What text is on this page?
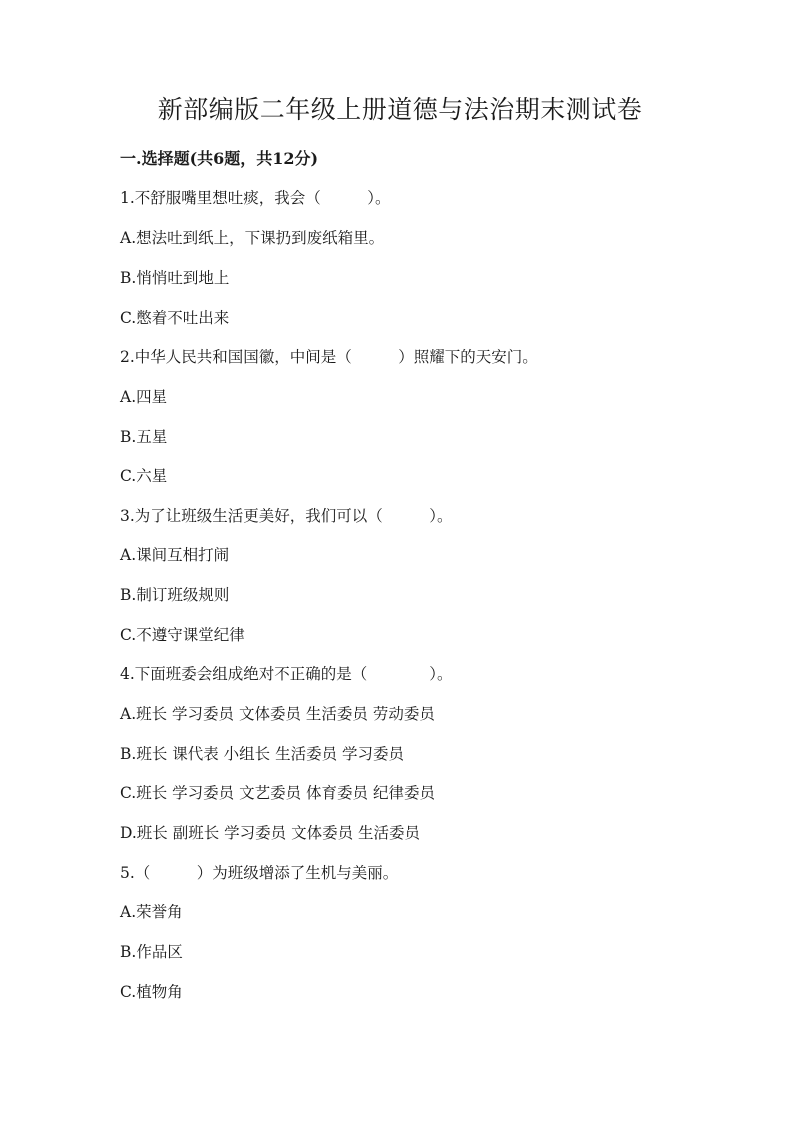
新部编版二年级上册道德与法治期末测试卷
一.选择题(共6题，共12分)
1.不舒服嘴里想吐痰，我会（　　　）。
A.想法吐到纸上，下课扔到废纸箱里。
B.悄悄吐到地上
C.憋着不吐出来
2.中华人民共和国国徽，中间是（　　　）照耀下的天安门。
A.四星
B.五星
C.六星
3.为了让班级生活更美好，我们可以（　　　）。
A.课间互相打闹
B.制订班级规则
C.不遵守课堂纪律
4.下面班委会组成绝对不正确的是（　　　　）。
A.班长 学习委员 文体委员 生活委员 劳动委员
B.班长 课代表 小组长 生活委员 学习委员
C.班长 学习委员 文艺委员 体育委员 纪律委员
D.班长 副班长 学习委员 文体委员 生活委员
5.（　　　）为班级增添了生机与美丽。
A.荣誉角
B.作品区
C.植物角
